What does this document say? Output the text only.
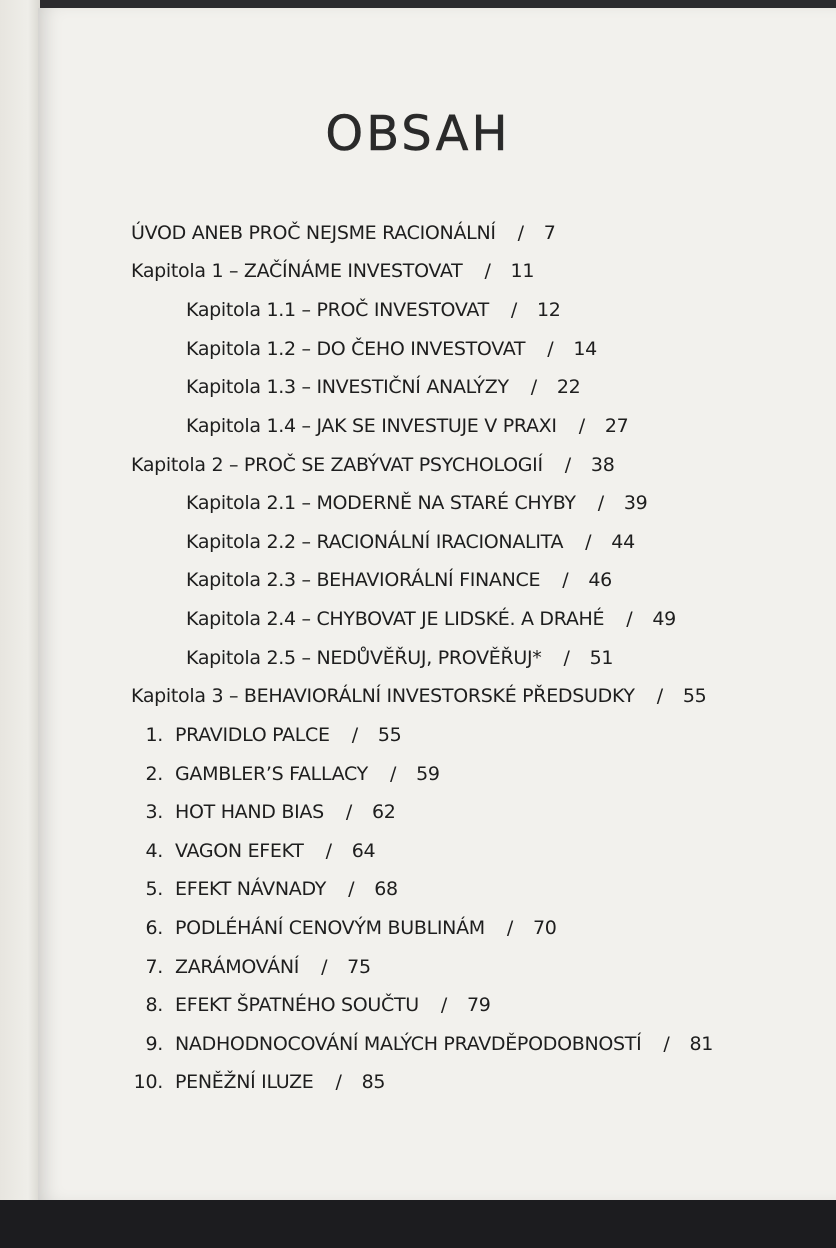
OBSAH
ÚVOD ANEB PROČ NEJSME RACIONÁLNÍ / 7
Kapitola 1 – ZAČÍNÁME INVESTOVAT / 11
Kapitola 1.1 – PROČ INVESTOVAT / 12
Kapitola 1.2 – DO ČEHO INVESTOVAT / 14
Kapitola 1.3 – INVESTIČNÍ ANALÝZY / 22
Kapitola 1.4 – JAK SE INVESTUJE V PRAXI / 27
Kapitola 2 – PROČ SE ZABÝVAT PSYCHOLOGIÍ / 38
Kapitola 2.1 – MODERNĚ NA STARÉ CHYBY / 39
Kapitola 2.2 – RACIONÁLNÍ IRACIONALITA / 44
Kapitola 2.3 – BEHAVIORÁLNÍ FINANCE / 46
Kapitola 2.4 – CHYBOVAT JE LIDSKÉ. A DRAHÉ / 49
Kapitola 2.5 – NEDŮVĚŘUJ, PROVĚŘUJ* / 51
Kapitola 3 – BEHAVIORÁLNÍ INVESTORSKÉ PŘEDSUDKY / 55
1. PRAVIDLO PALCE / 55
2. GAMBLER’S FALLACY / 59
3. HOT HAND BIAS / 62
4. VAGON EFEKT / 64
5. EFEKT NÁVNADY / 68
6. PODLÉHÁNÍ CENOVÝM BUBLINÁM / 70
7. ZARÁMOVÁNÍ / 75
8. EFEKT ŠPATNÉHO SOUČTU / 79
9. NADHODNOCOVÁNÍ MALÝCH PRAVDĚPODOBNOSTÍ / 81
10. PENĚŽNÍ ILUZE / 85
